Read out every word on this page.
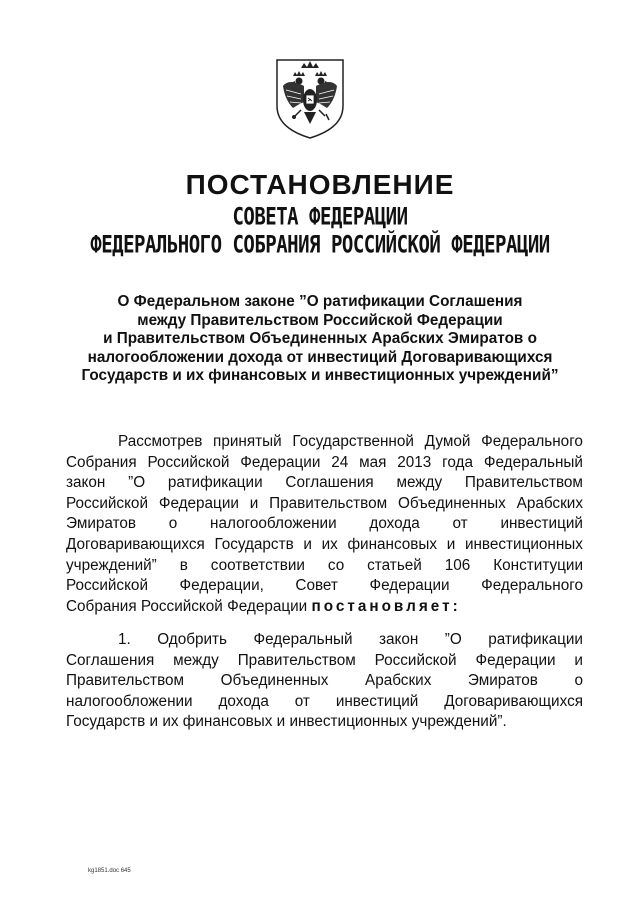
ПОСТАНОВЛЕНИЕ
СОВЕТА ФЕДЕРАЦИИ
ФЕДЕРАЛЬНОГО СОБРАНИЯ РОССИЙСКОЙ ФЕДЕРАЦИИ
О Федеральном законе ”О ратификации Соглашения
между Правительством Российской Федерации
и Правительством Объединенных Арабских Эмиратов о
налогообложении дохода от инвестиций Договаривающихся
Государств и их финансовых и инвестиционных учреждений”
Рассмотрев принятый Государственной Думой Федерального
Собрания Российской Федерации 24 мая 2013 года Федеральный
закон ”О ратификации Соглашения между Правительством
Российской Федерации и Правительством Объединенных Арабских
Эмиратов о налогообложении дохода от инвестиций
Договаривающихся Государств и их финансовых и инвестиционных
учреждений” в соответствии со статьей 106 Конституции
Российской Федерации, Совет Федерации Федерального
Собрания Российской Федерации постановляет:
1. Одобрить Федеральный закон ”О ратификации
Соглашения между Правительством Российской Федерации и
Правительством Объединенных Арабских Эмиратов о
налогообложении дохода от инвестиций Договаривающихся
Государств и их финансовых и инвестиционных учреждений”.
kg1851.doc 645
